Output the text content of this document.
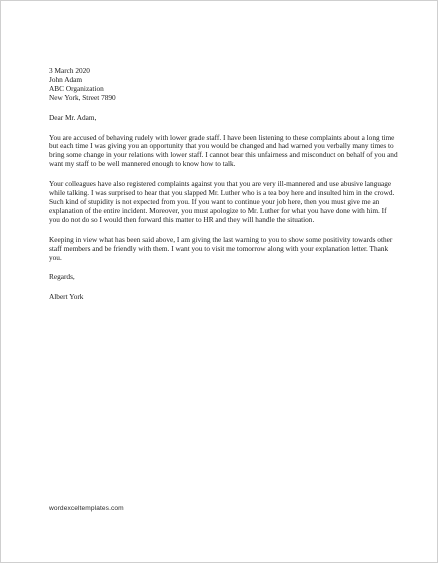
3 March 2020
John Adam
ABC Organization
New York, Street 7890
Dear Mr. Adam,

You are accused of behaving rudely with lower grade staff. I have been listening to these complaints about a long time but each time I was giving you an opportunity that you would be changed and had warned you verbally many times to bring some change in your relations with lower staff. I cannot bear this unfairness and misconduct on behalf of you and want my staff to be well mannered enough to know how to talk.

Your colleagues have also registered complaints against you that you are very ill-mannered and use abusive language while talking. I was surprised to hear that you slapped Mr. Luther who is a tea boy here and insulted him in the crowd. Such kind of stupidity is not expected from you. If you want to continue your job here, then you must give me an explanation of the entire incident. Moreover, you must apologize to Mr. Luther for what you have done with him. If you do not do so I would then forward this matter to HR and they will handle the situation.

Keeping in view what has been said above, I am giving the last warning to you to show some positivity towards other staff members and be friendly with them. I want you to visit me tomorrow along with your explanation letter. Thank you.

Regards,
Albert York
wordexceltemplates.com
